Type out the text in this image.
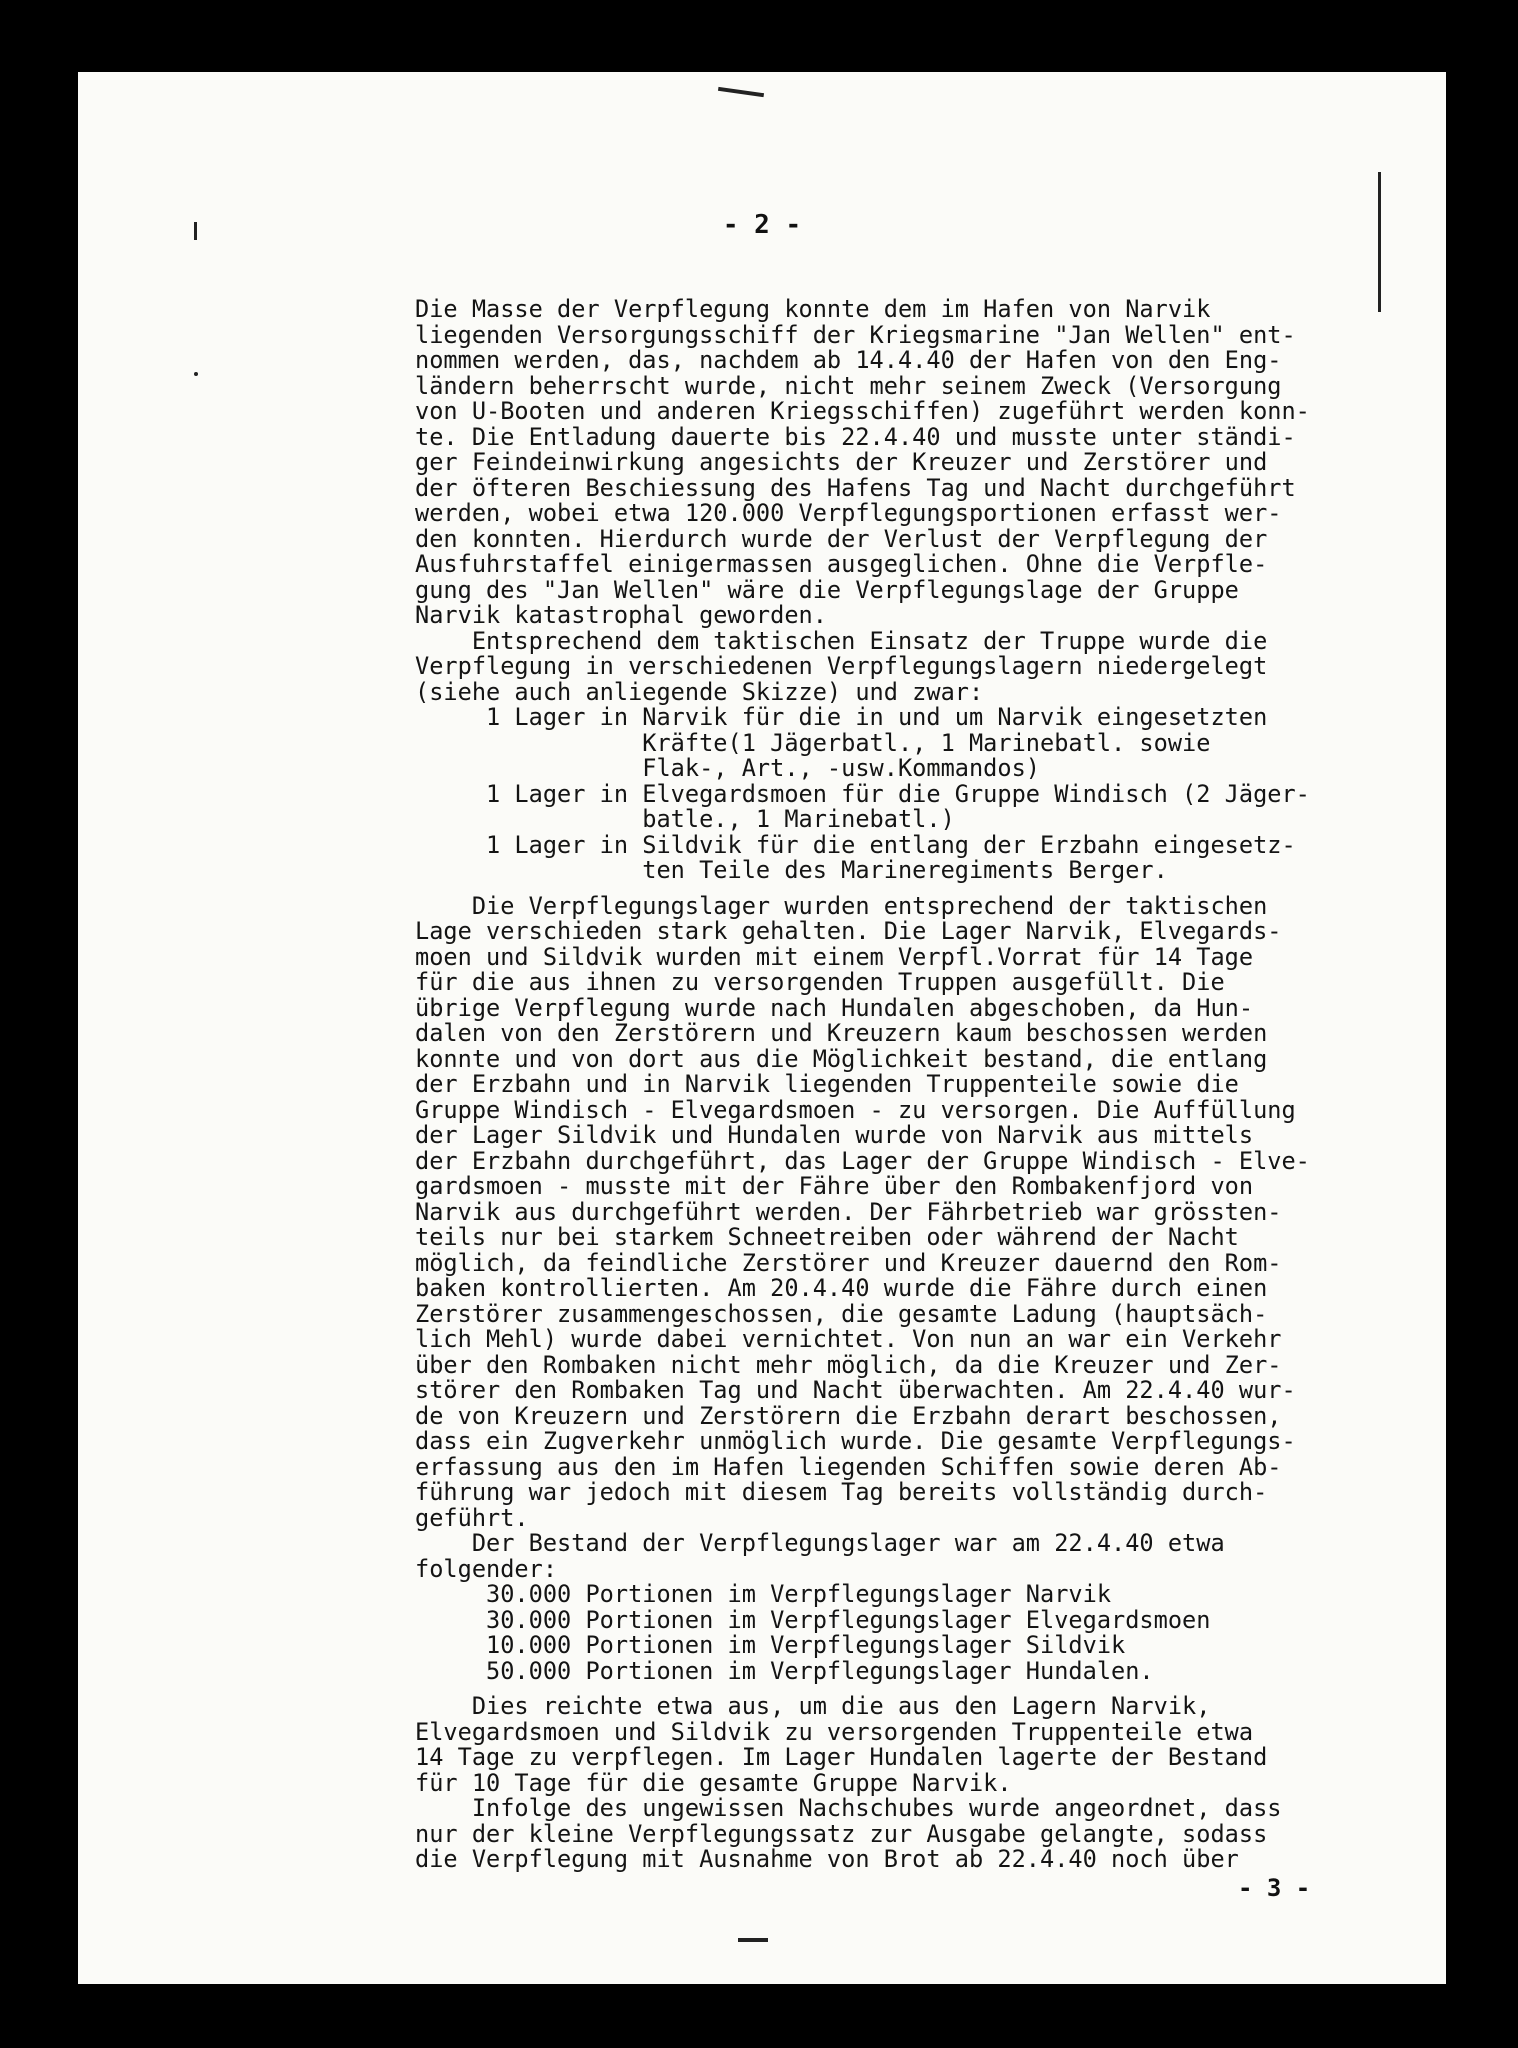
- 2 -

Die Masse der Verpflegung konnte dem im Hafen von Narvik
liegenden Versorgungsschiff der Kriegsmarine "Jan Wellen" ent-
nommen werden, das, nachdem ab 14.4.40 der Hafen von den Eng-
ländern beherrscht wurde, nicht mehr seinem Zweck (Versorgung
von U-Booten und anderen Kriegsschiffen) zugeführt werden konn-
te. Die Entladung dauerte bis 22.4.40 und musste unter ständi-
ger Feindeinwirkung angesichts der Kreuzer und Zerstörer und
der öfteren Beschiessung des Hafens Tag und Nacht durchgeführt
werden, wobei etwa 120.000 Verpflegungsportionen erfasst wer-
den konnten. Hierdurch wurde der Verlust der Verpflegung der
Ausfuhrstaffel einigermassen ausgeglichen. Ohne die Verpfle-
gung des "Jan Wellen" wäre die Verpflegungslage der Gruppe
Narvik katastrophal geworden.
Entsprechend dem taktischen Einsatz der Truppe wurde die
Verpflegung in verschiedenen Verpflegungslagern niedergelegt
(siehe auch anliegende Skizze) und zwar:
1 Lager in Narvik für die in und um Narvik eingesetzten
Kräfte(1 Jägerbatl., 1 Marinebatl. sowie
Flak-, Art., -usw.Kommandos)
1 Lager in Elvegardsmoen für die Gruppe Windisch (2 Jäger-
batle., 1 Marinebatl.)
1 Lager in Sildvik für die entlang der Erzbahn eingesetz-
ten Teile des Marineregiments Berger.
Die Verpflegungslager wurden entsprechend der taktischen
Lage verschieden stark gehalten. Die Lager Narvik, Elvegards-
moen und Sildvik wurden mit einem Verpfl.Vorrat für 14 Tage
für die aus ihnen zu versorgenden Truppen ausgefüllt. Die
übrige Verpflegung wurde nach Hundalen abgeschoben, da Hun-
dalen von den Zerstörern und Kreuzern kaum beschossen werden
konnte und von dort aus die Möglichkeit bestand, die entlang
der Erzbahn und in Narvik liegenden Truppenteile sowie die
Gruppe Windisch - Elvegardsmoen - zu versorgen. Die Auffüllung
der Lager Sildvik und Hundalen wurde von Narvik aus mittels
der Erzbahn durchgeführt, das Lager der Gruppe Windisch - Elve-
gardsmoen - musste mit der Fähre über den Rombakenfjord von
Narvik aus durchgeführt werden. Der Fährbetrieb war grössten-
teils nur bei starkem Schneetreiben oder während der Nacht
möglich, da feindliche Zerstörer und Kreuzer dauernd den Rom-
baken kontrollierten. Am 20.4.40 wurde die Fähre durch einen
Zerstörer zusammengeschossen, die gesamte Ladung (hauptsäch-
lich Mehl) wurde dabei vernichtet. Von nun an war ein Verkehr
über den Rombaken nicht mehr möglich, da die Kreuzer und Zer-
störer den Rombaken Tag und Nacht überwachten. Am 22.4.40 wur-
de von Kreuzern und Zerstörern die Erzbahn derart beschossen,
dass ein Zugverkehr unmöglich wurde. Die gesamte Verpflegungs-
erfassung aus den im Hafen liegenden Schiffen sowie deren Ab-
führung war jedoch mit diesem Tag bereits vollständig durch-
geführt.
Der Bestand der Verpflegungslager war am 22.4.40 etwa
folgender:
30.000 Portionen im Verpflegungslager Narvik
30.000 Portionen im Verpflegungslager Elvegardsmoen
10.000 Portionen im Verpflegungslager Sildvik
50.000 Portionen im Verpflegungslager Hundalen.
Dies reichte etwa aus, um die aus den Lagern Narvik,
Elvegardsmoen und Sildvik zu versorgenden Truppenteile etwa
14 Tage zu verpflegen. Im Lager Hundalen lagerte der Bestand
für 10 Tage für die gesamte Gruppe Narvik.
Infolge des ungewissen Nachschubes wurde angeordnet, dass
nur der kleine Verpflegungssatz zur Ausgabe gelangte, sodass
die Verpflegung mit Ausnahme von Brot ab 22.4.40 noch über

- 3 -
